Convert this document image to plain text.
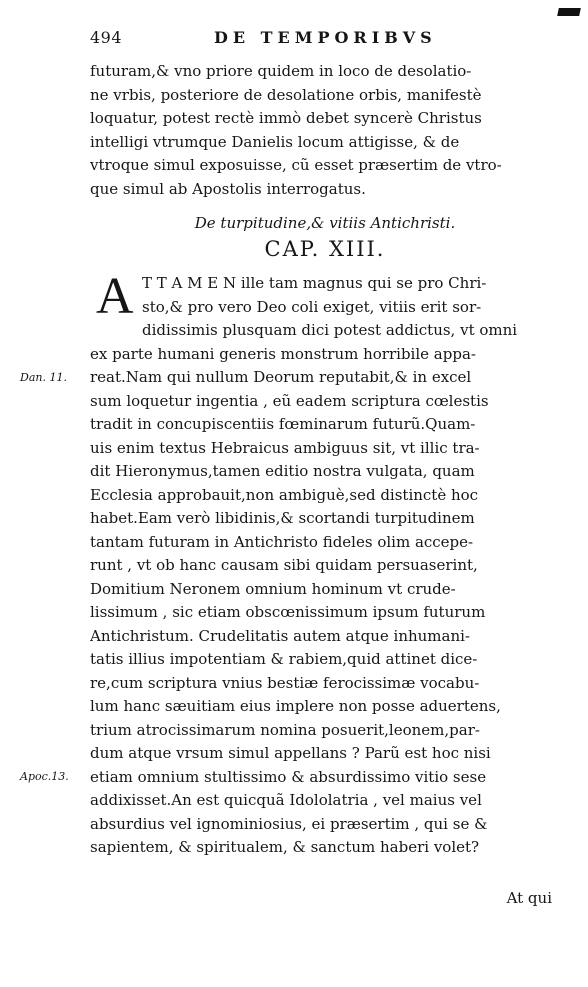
494	DE TEMPORIBVS
futuram,& vno priore quidem in loco de desolatio-
ne vrbis, posteriore de desolatione orbis, manifestè
loquatur, potest rectè immò debet syncerè Christus
intelligi vtrumque Danielis locum attigisse, & de
vtroque simul exposuisse, cũ esset præsertim de vtro-
que simul ab Apostolis interrogatus.
De turpitudine,& vitiis Antichristi.
CAP. XIII.
A T T A M E N ille tam magnus qui se pro Chri-
sto,& pro vero Deo coli exiget, vitiis erit sor-
didissimis plusquam dici potest addictus, vt omni
ex parte humani generis monstrum horribile appa-
reat.Nam qui nullum Deorum reputabit,& in excel
sum loquetur ingentia , eũ eadem scriptura cœlestis
tradit in concupiscentiis fœminarum futurũ.Quam-
uis enim textus Hebraicus ambiguus sit, vt illic tra-
dit Hieronymus,tamen editio nostra vulgata, quam
Ecclesia approbauit,non ambiguè,sed distinctè hoc
habet.Eam verò libidinis,& scortandi turpitudinem
tantam futuram in Antichristo fideles olim accepe-
runt , vt ob hanc causam sibi quidam persuaserint,
Domitium Neronem omnium hominum vt crude-
lissimum , sic etiam obscœnissimum ipsum futurum
Antichristum. Crudelitatis autem atque inhumani-
tatis illius impotentiam & rabiem,quid attinet dice-
re,cum scriptura vnius bestiæ ferocissimæ vocabu-
lum hanc sæuitiam eius implere non posse aduertens,
trium atrocissimarum nomina posuerit,leonem,par-
dum atque vrsum simul appellans ? Parũ est hoc nisi
etiam omnium stultissimo & absurdissimo vitio sese
addixisset.An est quicquã Idololatria , vel maius vel
absurdius vel ignominiosius, ei præsertim , qui se &
sapientem, & spiritualem, & sanctum haberi volet?
Dan. 11.
Apoc.13.
At qui
